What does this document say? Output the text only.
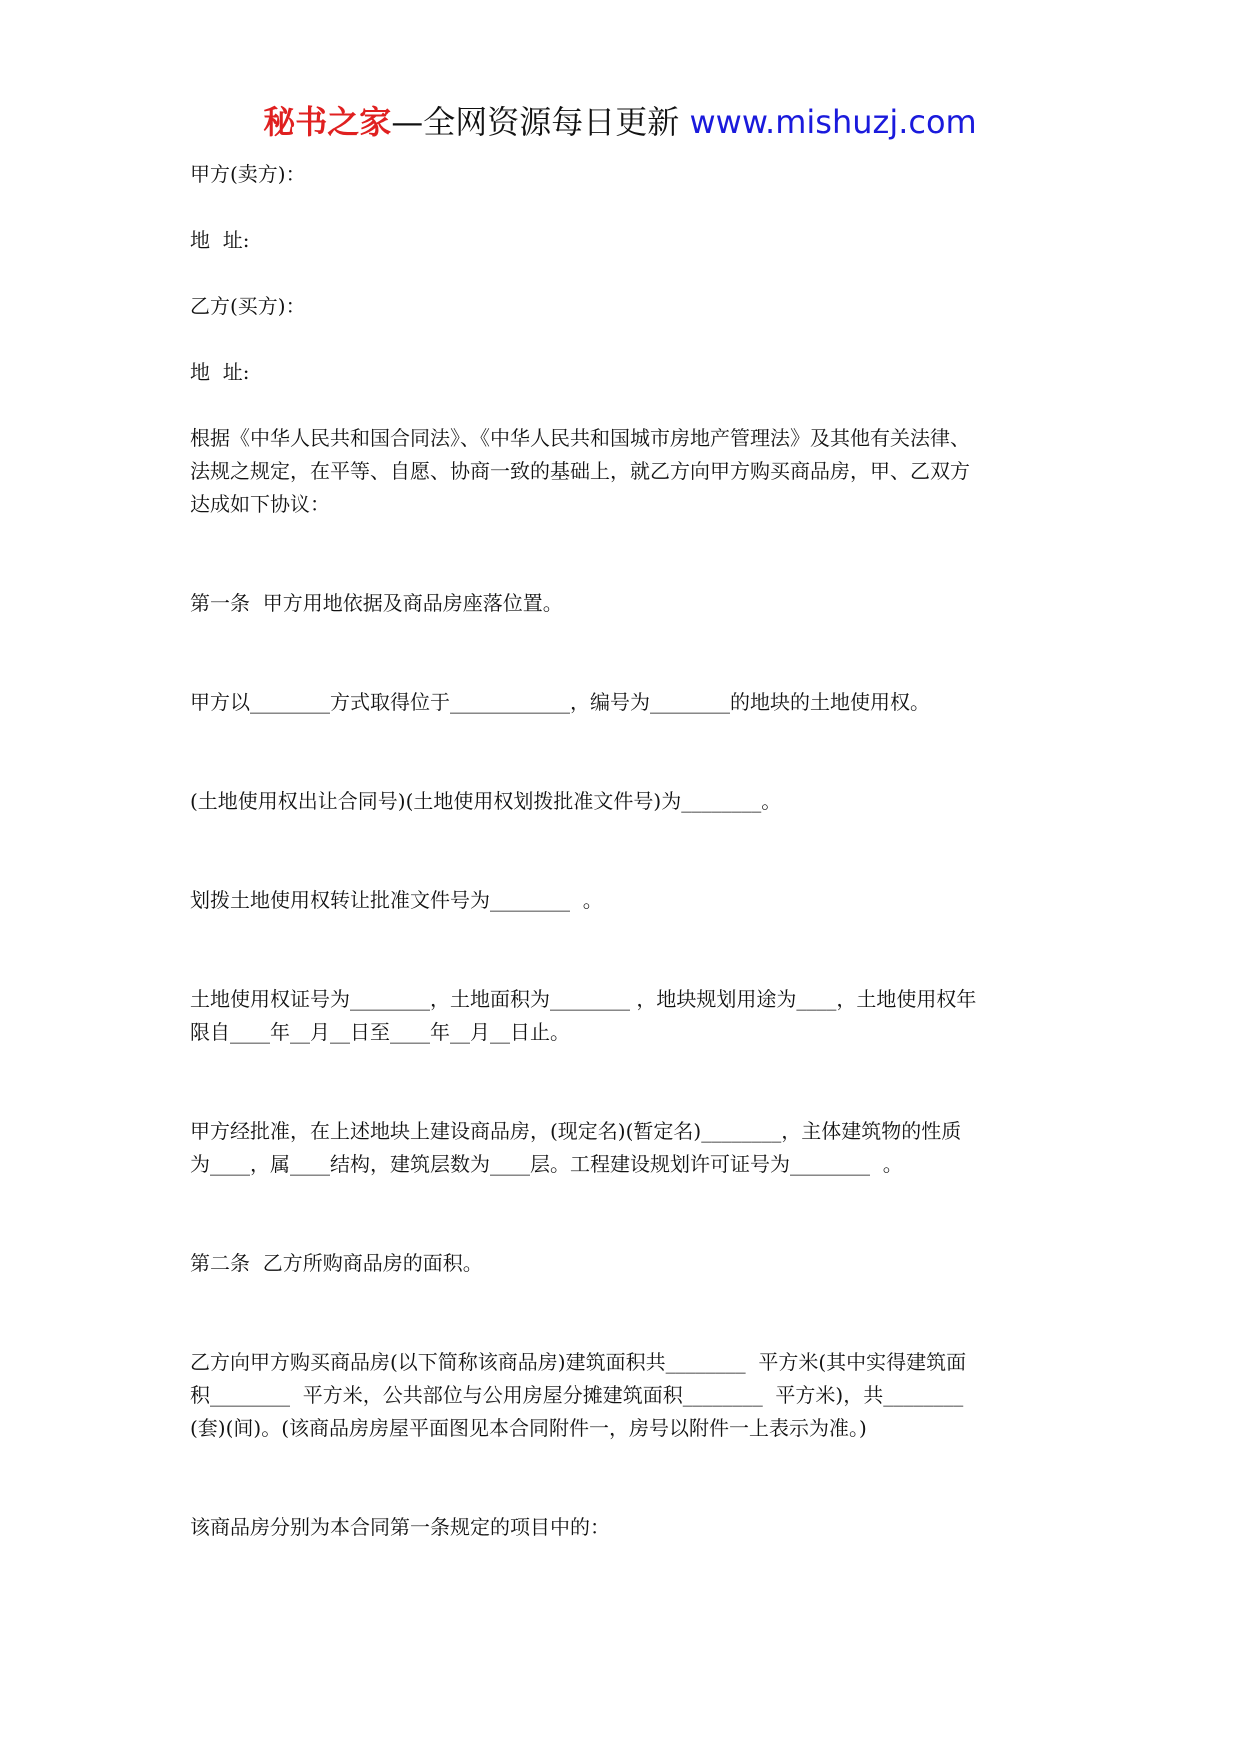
秘书之家—全网资源每日更新 www.mishuzj.com

甲方(卖方)：

地  址:

乙方(买方)：

地  址:

根据《中华人民共和国合同法》、《中华人民共和国城市房地产管理法》及其他有关法律、

法规之规定，在平等、自愿、协商一致的基础上，就乙方向甲方购买商品房，甲、乙双方

达成如下协议：

第一条  甲方用地依据及商品房座落位置。

甲方以________方式取得位于____________，编号为________的地块的土地使用权。

(土地使用权出让合同号)(土地使用权划拨批准文件号)为________。

划拨土地使用权转让批准文件号为________  。

土地使用权证号为________，土地面积为________ ，地块规划用途为____，土地使用权年

限自____年__月__日至____年__月__日止。

甲方经批准，在上述地块上建设商品房，(现定名)(暂定名)________，主体建筑物的性质

为____，属____结构，建筑层数为____层。工程建设规划许可证号为________  。

第二条  乙方所购商品房的面积。

乙方向甲方购买商品房(以下简称该商品房)建筑面积共________  平方米(其中实得建筑面

积________  平方米，公共部位与公用房屋分摊建筑面积________  平方米)，共________

(套)(间)。(该商品房房屋平面图见本合同附件一，房号以附件一上表示为准。)

该商品房分别为本合同第一条规定的项目中的：
